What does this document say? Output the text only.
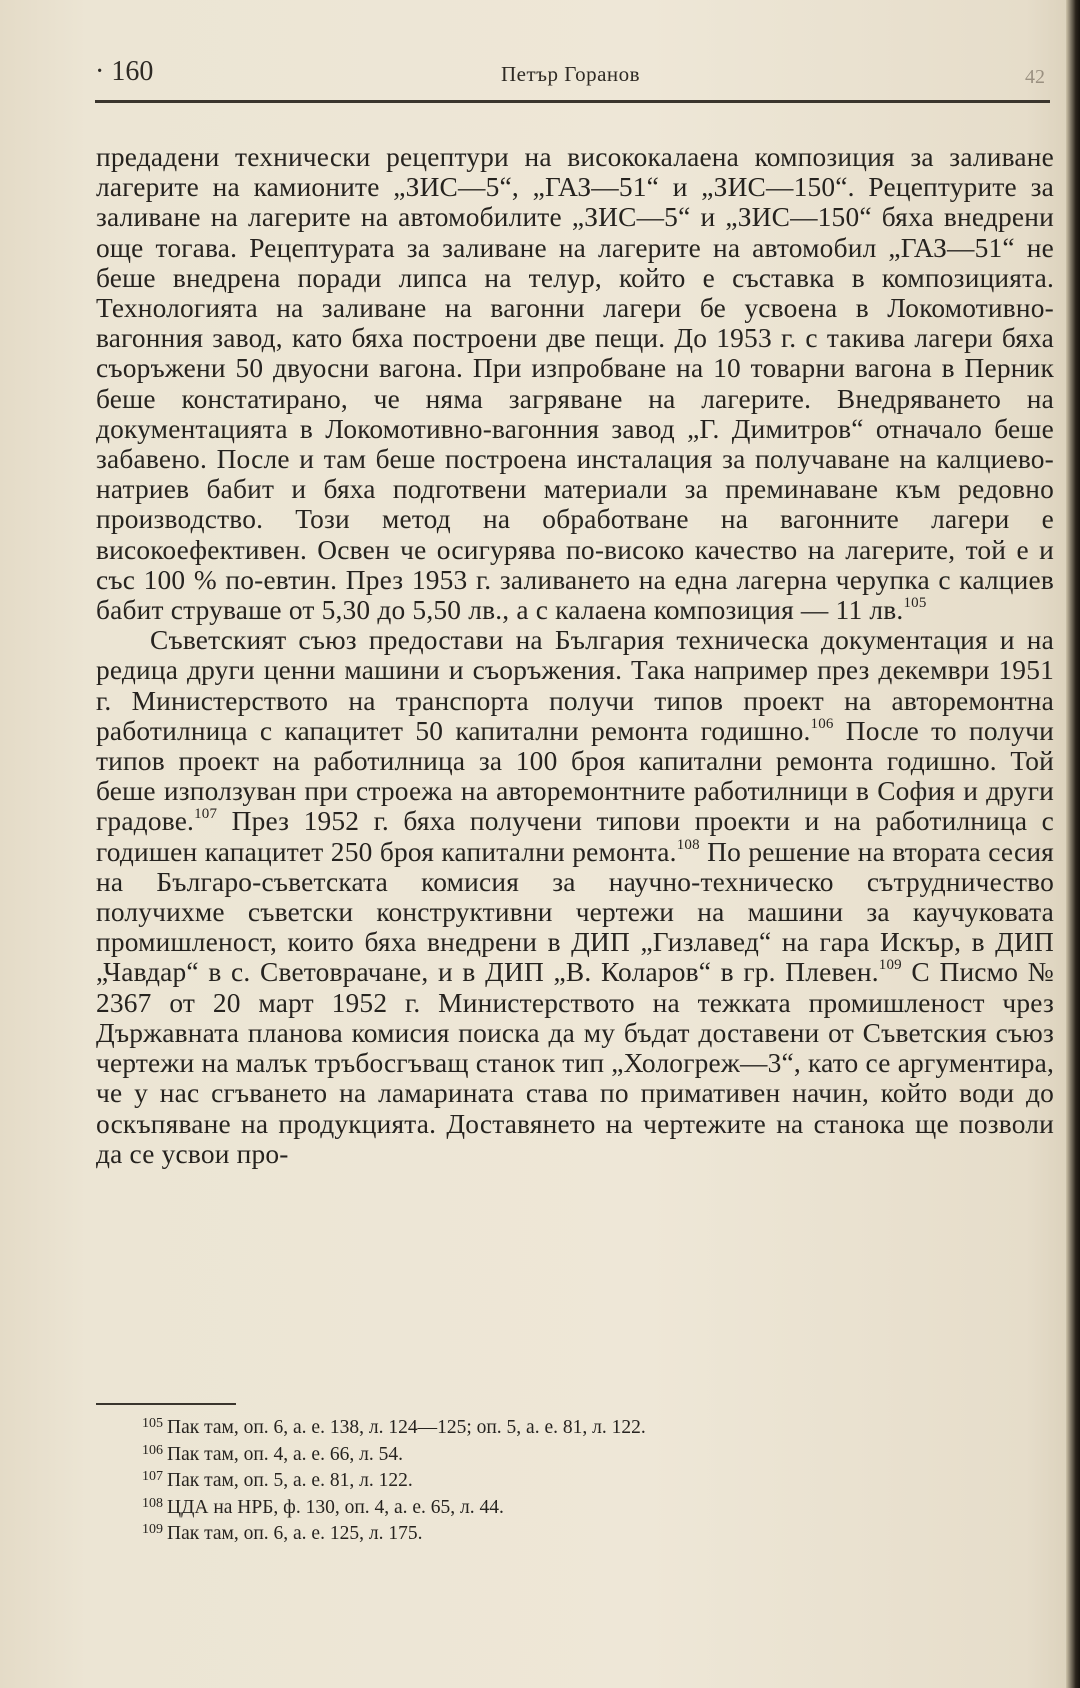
· 160	Петър Горанов	42

предадени технически рецептури на висококалаена композиция за заливане лагерите на камионите „ЗИС—5“, „ГАЗ—51“ и „ЗИС—150“. Рецептурите за заливане на лагерите на автомобилите „ЗИС—5“ и „ЗИС—150“ бяха внедрени още тогава. Рецептурата за заливане на лагерите на автомобил „ГАЗ—51“ не беше внедрена поради липса на телур, който е съставка в композицията. Технологията на заливане на вагонни лагери бе усвоена в Локомотивно-вагонния завод, като бяха построени две пещи. До 1953 г. с такива лагери бяха съоръжени 50 двуосни вагона. При изпробване на 10 товарни вагона в Перник беше констатирано, че няма загряване на лагерите. Внедряването на документацията в Локомотивно-вагонния завод „Г. Димитров“ отначало беше забавено. После и там беше построена инсталация за получаване на калциево-натриев бабит и бяха подготвени материали за преминаване към редовно производство. Този метод на обработване на вагонните лагери е високоефективен. Освен че осигурява по-високо качество на лагерите, той е и със 100 % по-евтин. През 1953 г. заливането на една лагерна черупка с калциев бабит струваше от 5,30 до 5,50 лв., а с калаена композиция — 11 лв.$^{105}$

Съветският съюз предостави на България техническа документация и на редица други ценни машини и съоръжения. Така например през декември 1951 г. Министерството на транспорта получи типов проект на авторемонтна работилница с капацитет 50 капитални ремонта годишно.$^{106}$ После то получи типов проект на работилница за 100 броя капитални ремонта годишно. Той беше използуван при строежа на авторемонтните работилници в София и други градове.$^{107}$ През 1952 г. бяха получени типови проекти и на работилница с годишен капацитет 250 броя капитални ремонта.$^{108}$ По решение на втората сесия на Българо-съветската комисия за научно-техническо сътрудничество получихме съветски конструктивни чертежи на машини за каучуковата промишленост, които бяха внедрени в ДИП „Гизлавед“ на гара Искър, в ДИП „Чавдар“ в с. Световрачане, и в ДИП „В. Коларов“ в гр. Плевен.$^{109}$ С Писмо № 2367 от 20 март 1952 г. Министерството на тежката промишленост чрез Държавната планова комисия поиска да му бъдат доставени от Съветския съюз чертежи на малък тръбосгъващ станок тип „Хологреж—3“, като се аргументира, че у нас сгъването на ламарината става по примативен начин, който води до оскъпяване на продукцията. Доставянето на чертежите на станока ще позволи да се усвои про-

$^{105}$ Пак там, оп. 6, а. е. 138, л. 124—125; оп. 5, а. е. 81, л. 122.
$^{106}$ Пак там, оп. 4, а. е. 66, л. 54.
$^{107}$ Пак там, оп. 5, а. е. 81, л. 122.
$^{108}$ ЦДА на НРБ, ф. 130, оп. 4, а. е. 65, л. 44.
$^{109}$ Пак там, оп. 6, а. е. 125, л. 175.
